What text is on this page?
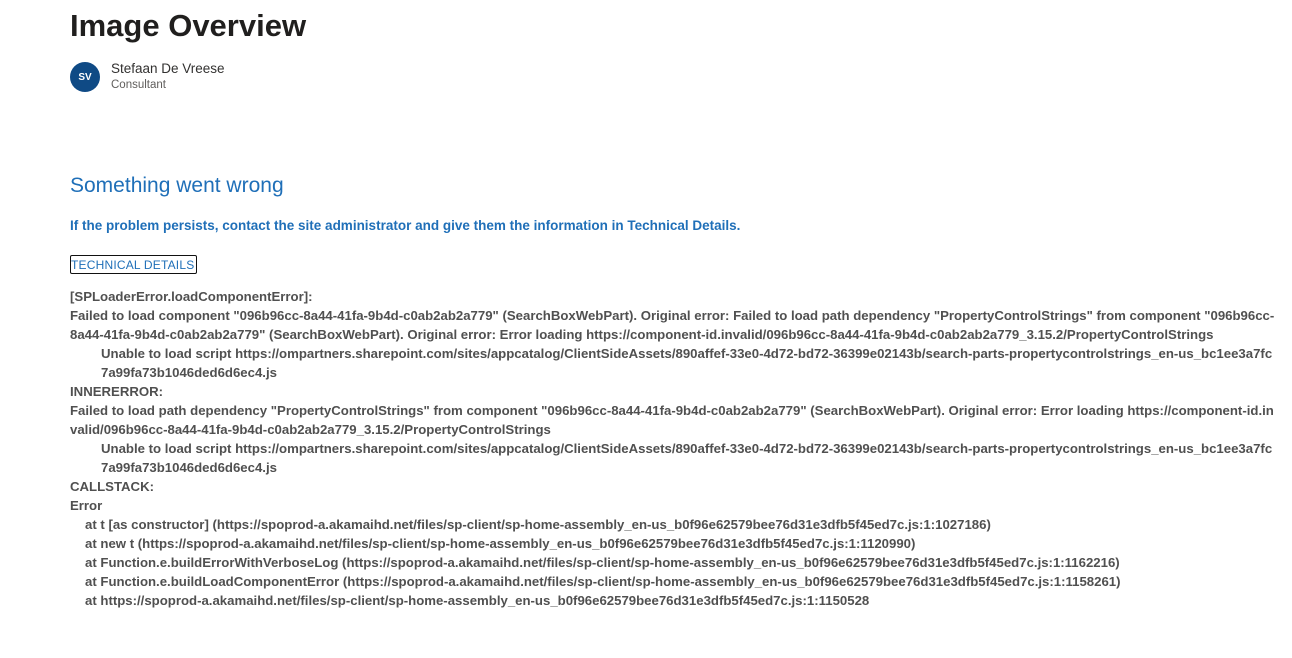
Image Overview
SV
Stefaan De Vreese
Consultant
Something went wrong
If the problem persists, contact the site administrator and give them the information in Technical Details.
TECHNICAL DETAILS
[SPLoaderError.loadComponentError]:
Failed to load component "096b96cc-8a44-41fa-9b4d-c0ab2ab2a779" (SearchBoxWebPart). Original error: Failed to load path dependency "PropertyControlStrings" from component "096b96cc-8a44-41fa-9b4d-c0ab2ab2a779" (SearchBoxWebPart). Original error: Error loading https://component-id.invalid/096b96cc-8a44-41fa-9b4d-c0ab2ab2a779_3.15.2/PropertyControlStrings
Unable to load script https://ompartners.sharepoint.com/sites/appcatalog/ClientSideAssets/890affef-33e0-4d72-bd72-36399e02143b/search-parts-propertycontrolstrings_en-us_bc1ee3a7fc7a99fa73b1046ded6d6ec4.js
INNERERROR:
Failed to load path dependency "PropertyControlStrings" from component "096b96cc-8a44-41fa-9b4d-c0ab2ab2a779" (SearchBoxWebPart). Original error: Error loading https://component-id.invalid/096b96cc-8a44-41fa-9b4d-c0ab2ab2a779_3.15.2/PropertyControlStrings
Unable to load script https://ompartners.sharepoint.com/sites/appcatalog/ClientSideAssets/890affef-33e0-4d72-bd72-36399e02143b/search-parts-propertycontrolstrings_en-us_bc1ee3a7fc7a99fa73b1046ded6d6ec4.js
CALLSTACK:
Error
at t [as constructor] (https://spoprod-a.akamaihd.net/files/sp-client/sp-home-assembly_en-us_b0f96e62579bee76d31e3dfb5f45ed7c.js:1:1027186)
at new t (https://spoprod-a.akamaihd.net/files/sp-client/sp-home-assembly_en-us_b0f96e62579bee76d31e3dfb5f45ed7c.js:1:1120990)
at Function.e.buildErrorWithVerboseLog (https://spoprod-a.akamaihd.net/files/sp-client/sp-home-assembly_en-us_b0f96e62579bee76d31e3dfb5f45ed7c.js:1:1162216)
at Function.e.buildLoadComponentError (https://spoprod-a.akamaihd.net/files/sp-client/sp-home-assembly_en-us_b0f96e62579bee76d31e3dfb5f45ed7c.js:1:1158261)
at https://spoprod-a.akamaihd.net/files/sp-client/sp-home-assembly_en-us_b0f96e62579bee76d31e3dfb5f45ed7c.js:1:1150528
